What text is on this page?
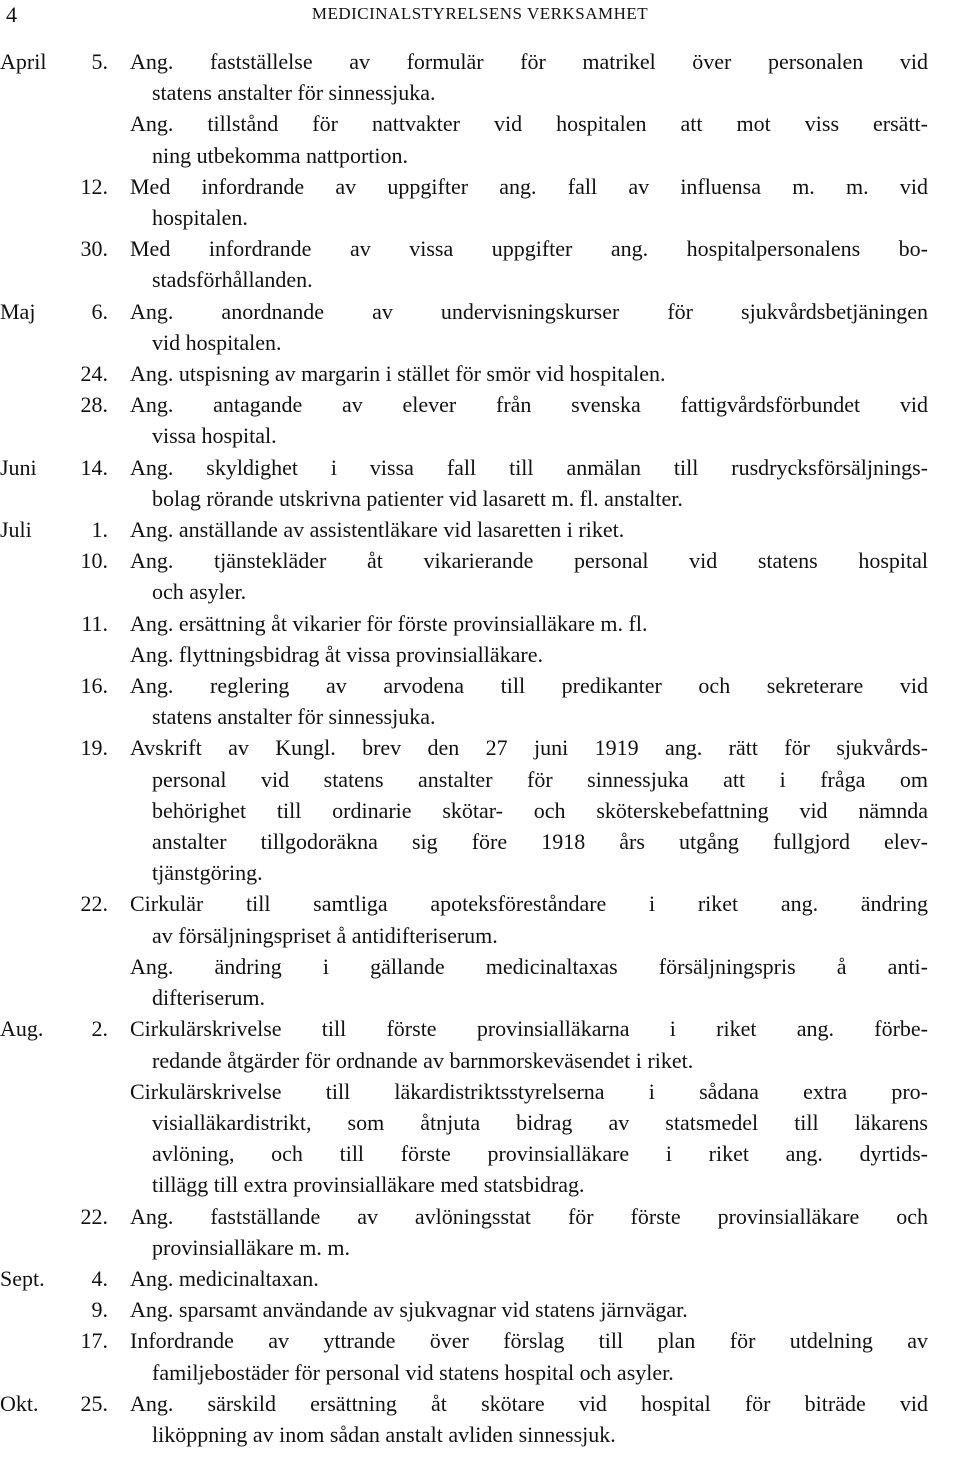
4	MEDICINALSTYRELSENS VERKSAMHET
April	5. Ang. fastställelse av formulär för matrikel över personalen vid
statens anstalter för sinnessjuka.
Ang. tillstånd för nattvakter vid hospitalen att mot viss ersätt-
ning utbekomma nattportion.
12. Med infordrande av uppgifter ang. fall av influensa m. m. vid
hospitalen.
30. Med infordrande av vissa uppgifter ang. hospitalpersonalens bo-
stadsförhållanden.
Maj	6. Ang. anordnande av undervisningskurser för sjukvårdsbetjäningen
vid hospitalen.
24. Ang. utspisning av margarin i stället för smör vid hospitalen.
28. Ang. antagande av elever från svenska fattigvårdsförbundet vid
vissa hospital.
Juni	14. Ang. skyldighet i vissa fall till anmälan till rusdrycksförsäljnings-
bolag rörande utskrivna patienter vid lasarett m. fl. anstalter.
Juli	1. Ang. anställande av assistentläkare vid lasaretten i riket.
10. Ang. tjänstekläder åt vikarierande personal vid statens hospital
och asyler.
11. Ang. ersättning åt vikarier för förste provinsialläkare m. fl.
Ang. flyttningsbidrag åt vissa provinsialläkare.
16. Ang. reglering av arvodena till predikanter och sekreterare vid
statens anstalter för sinnessjuka.
19. Avskrift av Kungl. brev den 27 juni 1919 ang. rätt för sjukvårds-
personal vid statens anstalter för sinnessjuka att i fråga om
behörighet till ordinarie skötar- och sköterskebefattning vid nämnda
anstalter tillgodoräkna sig före 1918 års utgång fullgjord elev-
tjänstgöring.
22. Cirkulär till samtliga apoteksföreståndare i riket ang. ändring
av försäljningspriset å antidifteriserum.
Ang. ändring i gällande medicinaltaxas försäljningspris å anti-
difteriserum.
Aug.	2. Cirkulärskrivelse till förste provinsialläkarna i riket ang. förbe-
redande åtgärder för ordnande av barnmorskeväsendet i riket.
Cirkulärskrivelse till läkardistriktsstyrelserna i sådana extra pro-
visialläkardistrikt, som åtnjuta bidrag av statsmedel till läkarens
avlöning, och till förste provinsialläkare i riket ang. dyrtids-
tillägg till extra provinsialläkare med statsbidrag.
22. Ang. fastställande av avlöningsstat för förste provinsialläkare och
provinsialläkare m. m.
Sept.	4. Ang. medicinaltaxan.
9. Ang. sparsamt användande av sjukvagnar vid statens järnvägar.
17. Infordrande av yttrande över förslag till plan för utdelning av
familjebostäder för personal vid statens hospital och asyler.
Okt.	25. Ang. särskild ersättning åt skötare vid hospital för biträde vid
liköppning av inom sådan anstalt avliden sinnessjuk.
